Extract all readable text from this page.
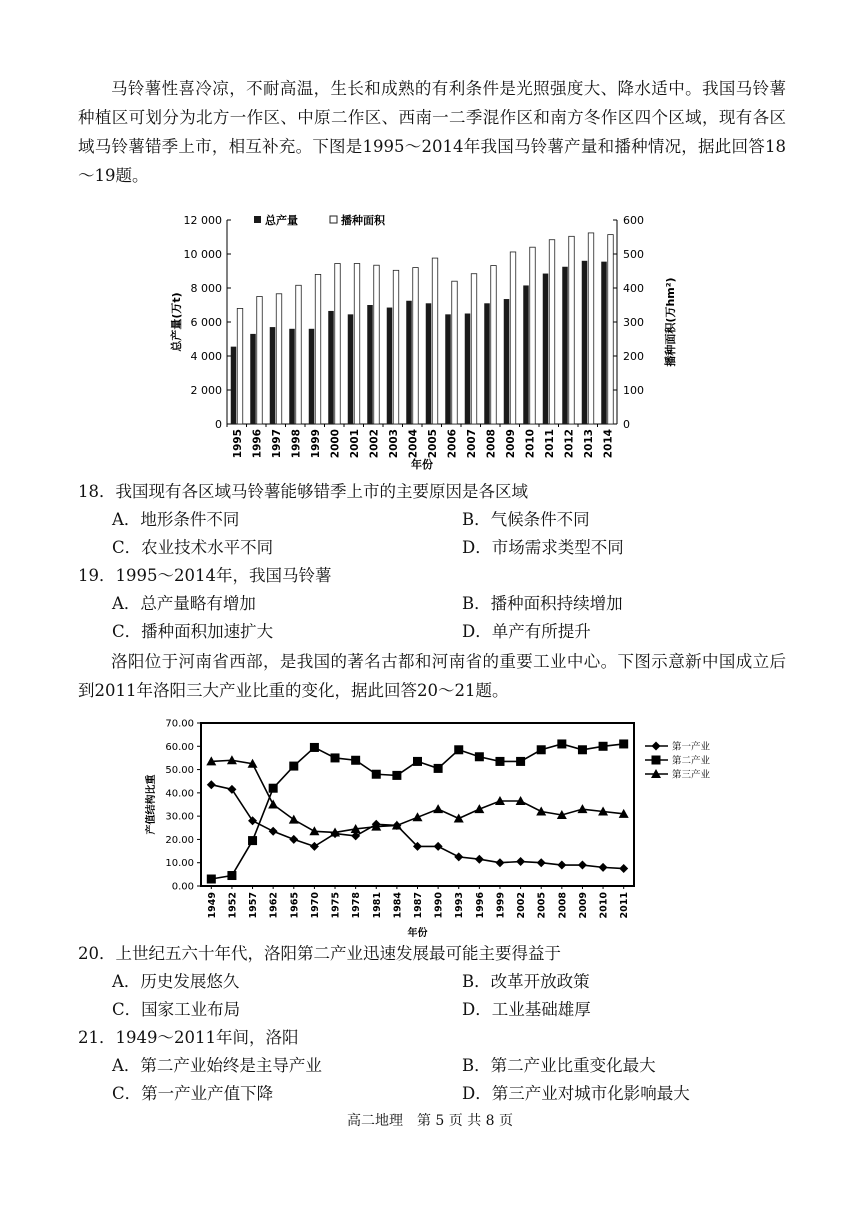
马铃薯性喜冷凉，不耐高温，生长和成熟的有利条件是光照强度大、降水适中。我国马铃薯种植区可划分为北方一作区、中原二作区、西南一二季混作区和南方冬作区四个区域，现有各区域马铃薯错季上市，相互补充。下图是1995～2014年我国马铃薯产量和播种情况，据此回答18～19题。

0
2 000
4 000
6 000
8 000
10 000
12 000
0
100
200
300
400
500
600
1995 1996 1997 1998 1999 2000 2001 2002 2003 2004 2005 2006 2007 2008 2009 2010 2011 2012 2013 2014
年份
总产量(万t)	播种面积(万hm²)
总产量	播种面积

18．我国现有各区域马铃薯能够错季上市的主要原因是各区域

A．地形条件不同	B．气候条件不同
C．农业技术水平不同	D．市场需求类型不同

19．1995～2014年，我国马铃薯

A．总产量略有增加	B．播种面积持续增加
C．播种面积加速扩大	D．单产有所提升

洛阳位于河南省西部，是我国的著名古都和河南省的重要工业中心。下图示意新中国成立后到2011年洛阳三大产业比重的变化，据此回答20～21题。

0.00
10.00
20.00
30.00
40.00
50.00
60.00
70.00
1949 1952 1957 1962 1965 1970 1975 1978 1981 1984 1987 1990 1993 1996 1999 2002 2005 2008 2009 2010 2011
年份
产值结构比重
第一产业
第二产业
第三产业

20．上世纪五六十年代，洛阳第二产业迅速发展最可能主要得益于

A．历史发展悠久	B．改革开放政策
C．国家工业布局	D．工业基础雄厚

21．1949～2011年间，洛阳

A．第二产业始终是主导产业	B．第二产业比重变化最大
C．第一产业产值下降	D．第三产业对城市化影响最大
高二地理　第 5 页 共 8 页
